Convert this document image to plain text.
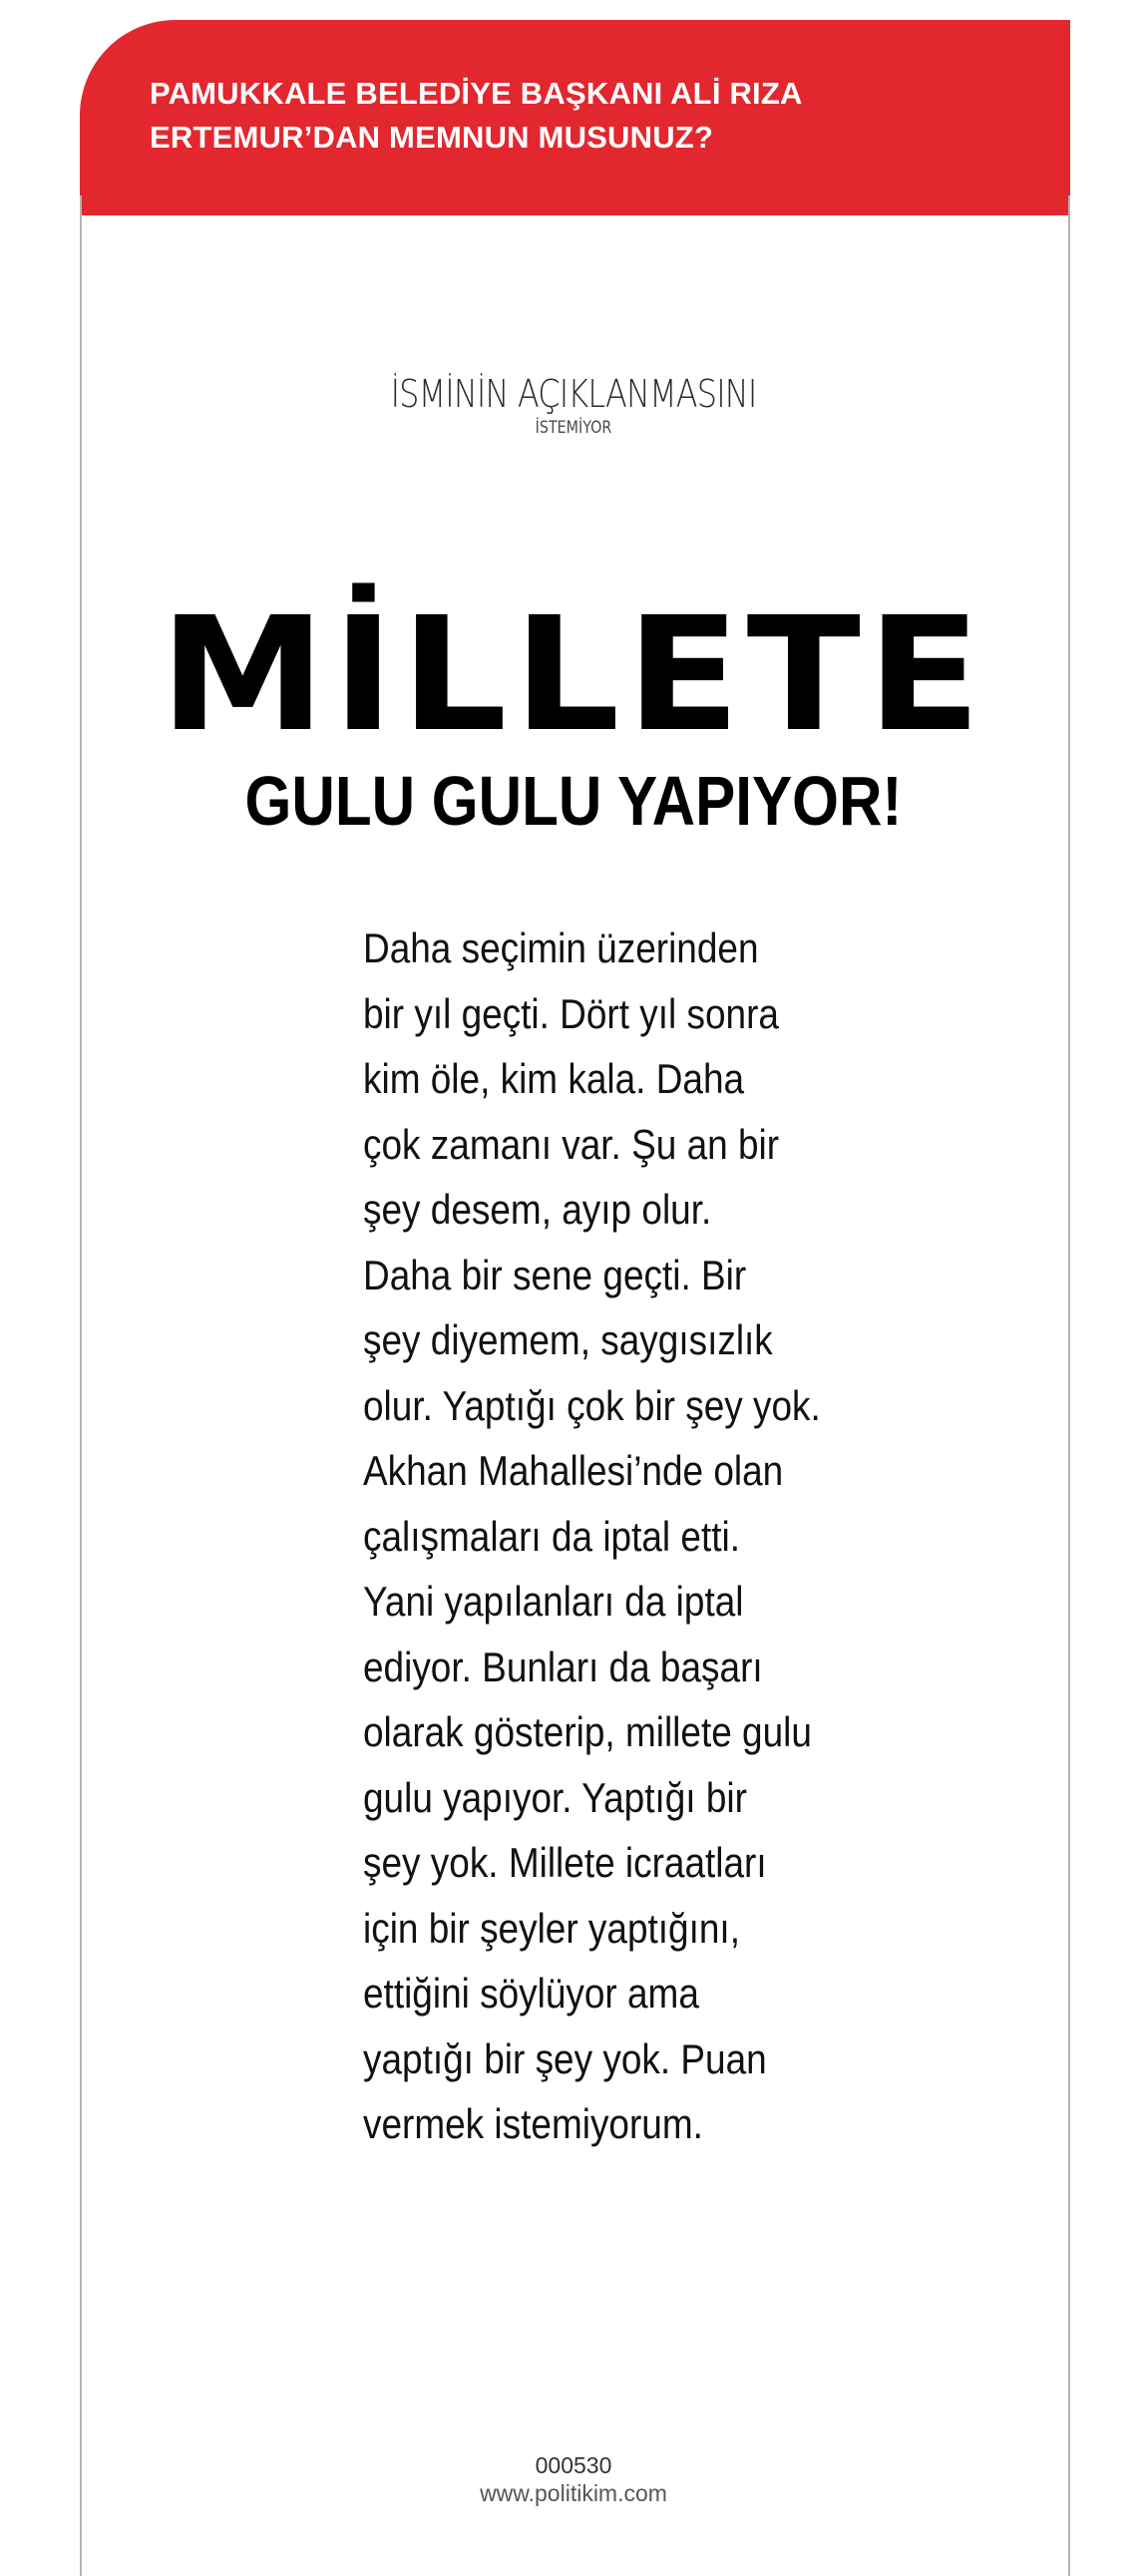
PAMUKKALE BELEDİYE BAŞKANI ALİ RIZA
ERTEMUR’DAN MEMNUN MUSUNUZ?
İSMİNİN AÇIKLANMASINI
İSTEMİYOR
MİLLETE
GULU GULU YAPIYOR!
Daha seçimin üzerinden
bir yıl geçti. Dört yıl sonra
kim öle, kim kala. Daha
çok zamanı var. Şu an bir
şey desem, ayıp olur.
Daha bir sene geçti. Bir
şey diyemem, saygısızlık
olur. Yaptığı çok bir şey yok.
Akhan Mahallesi’nde olan
çalışmaları da iptal etti.
Yani yapılanları da iptal
ediyor. Bunları da başarı
olarak gösterip, millete gulu
gulu yapıyor. Yaptığı bir
şey yok. Millete icraatları
için bir şeyler yaptığını,
ettiğini söylüyor ama
yaptığı bir şey yok. Puan
vermek istemiyorum.
000530
www.politikim.com
